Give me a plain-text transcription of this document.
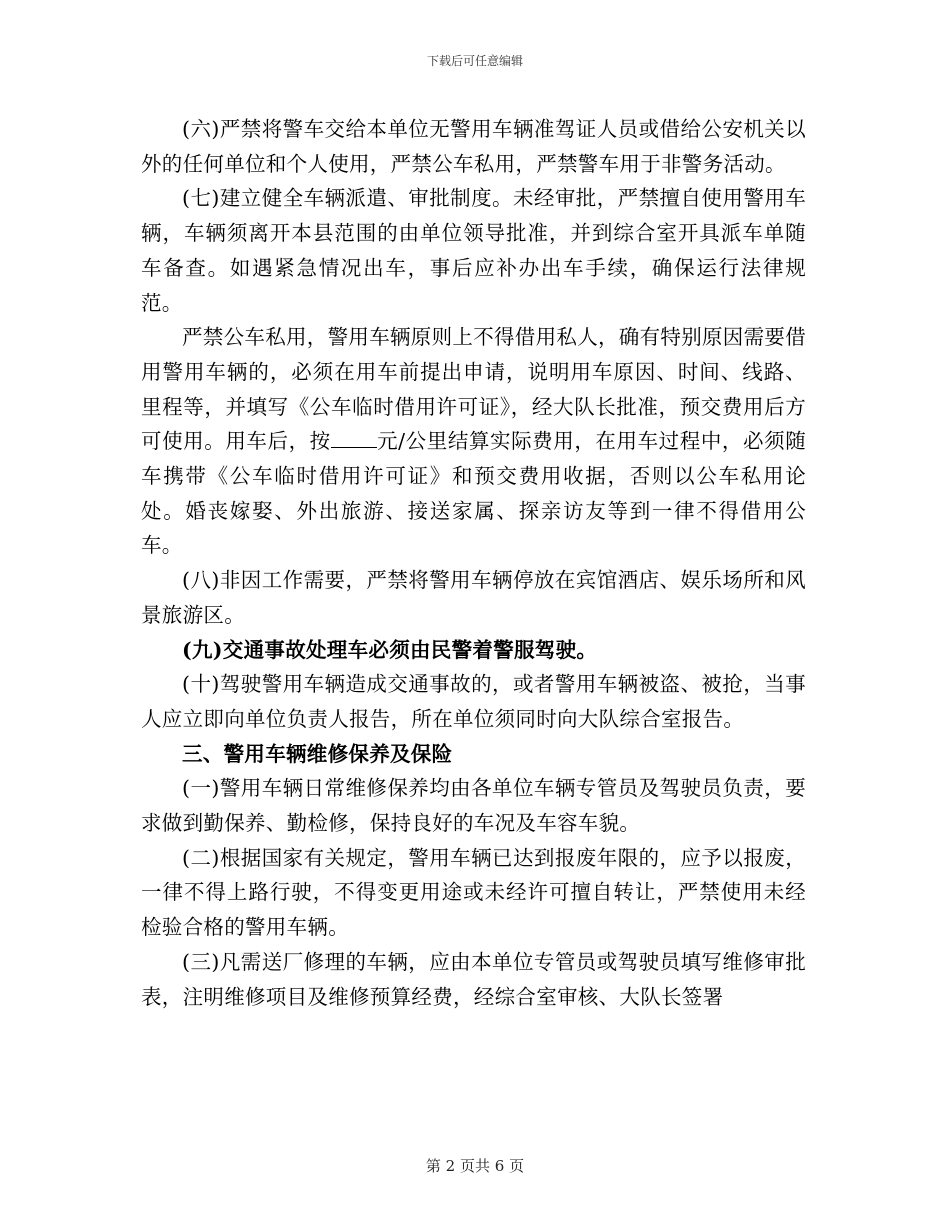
下载后可任意编辑

(六)严禁将警车交给本单位无警用车辆准驾证人员或借给公安机关以外的任何单位和个人使用，严禁公车私用，严禁警车用于非警务活动。

(七)建立健全车辆派遣、审批制度。未经审批，严禁擅自使用警用车辆，车辆须离开本县范围的由单位领导批准，并到综合室开具派车单随车备查。如遇紧急情况出车，事后应补办出车手续，确保运行法律规范。

严禁公车私用，警用车辆原则上不得借用私人，确有特别原因需要借用警用车辆的，必须在用车前提出申请，说明用车原因、时间、线路、里程等，并填写《公车临时借用许可证》，经大队长批准，预交费用后方可使用。用车后，按 元/公里结算实际费用，在用车过程中，必须随车携带《公车临时借用许可证》和预交费用收据，否则以公车私用论处。婚丧嫁娶、外出旅游、接送家属、探亲访友等到一律不得借用公车。

(八)非因工作需要，严禁将警用车辆停放在宾馆酒店、娱乐场所和风景旅游区。

(九)交通事故处理车必须由民警着警服驾驶。

(十)驾驶警用车辆造成交通事故的，或者警用车辆被盗、被抢，当事人应立即向单位负责人报告，所在单位须同时向大队综合室报告。

三、警用车辆维修保养及保险

(一)警用车辆日常维修保养均由各单位车辆专管员及驾驶员负责，要求做到勤保养、勤检修，保持良好的车况及车容车貌。

(二)根据国家有关规定，警用车辆已达到报废年限的，应予以报废，一律不得上路行驶，不得变更用途或未经许可擅自转让，严禁使用未经检验合格的警用车辆。

(三)凡需送厂修理的车辆，应由本单位专管员或驾驶员填写维修审批表，注明维修项目及维修预算经费，经综合室审核、大队长签署

第 2 页共 6 页
